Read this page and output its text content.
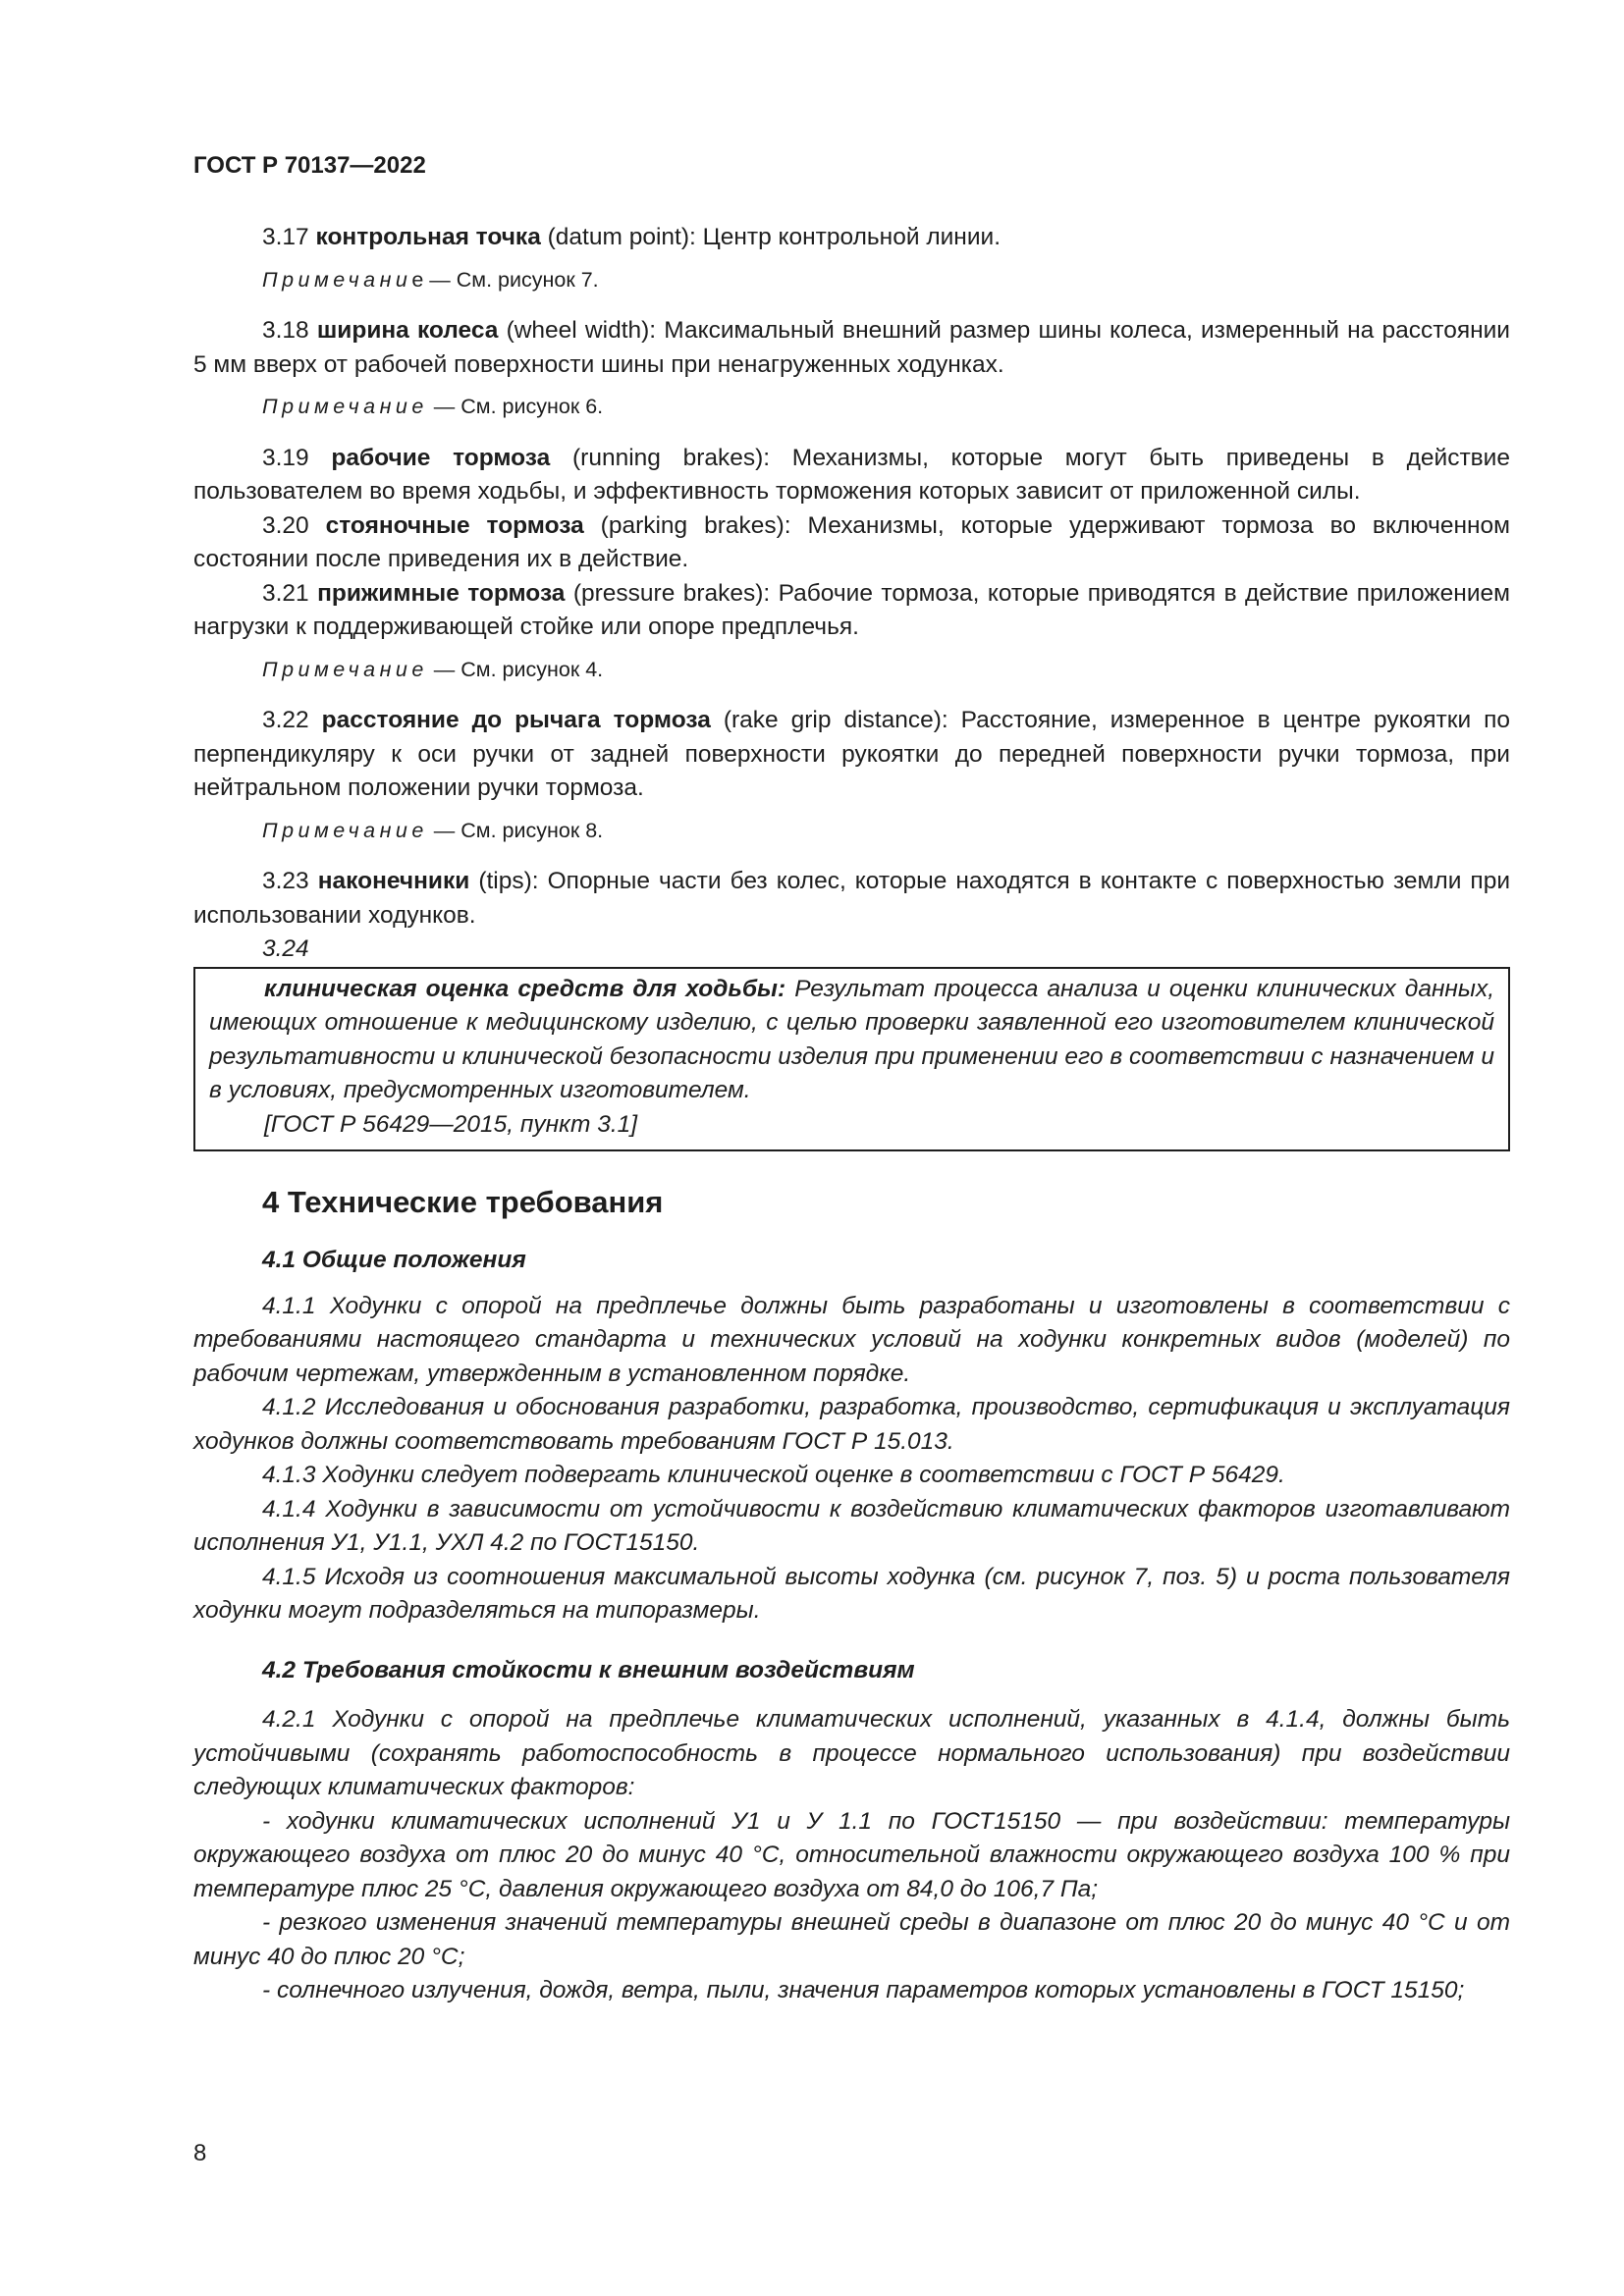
ГОСТ Р 70137—2022

3.17 контрольная точка (datum point): Центр контрольной линии.

Примечание — См. рисунок 7.

3.18 ширина колеса (wheel width): Максимальный внешний размер шины колеса, измеренный на расстоянии 5 мм вверх от рабочей поверхности шины при ненагруженных ходунках.

Примечание — См. рисунок 6.

3.19 рабочие тормоза (running brakes): Механизмы, которые могут быть приведены в действие пользователем во время ходьбы, и эффективность торможения которых зависит от приложенной силы.

3.20 стояночные тормоза (parking brakes): Механизмы, которые удерживают тормоза во включенном состоянии после приведения их в действие.

3.21 прижимные тормоза (pressure brakes): Рабочие тормоза, которые приводятся в действие приложением нагрузки к поддерживающей стойке или опоре предплечья.

Примечание — См. рисунок 4.

3.22 расстояние до рычага тормоза (rake grip distance): Расстояние, измеренное в центре рукоятки по перпендикуляру к оси ручки от задней поверхности рукоятки до передней поверхности ручки тормоза, при нейтральном положении ручки тормоза.

Примечание — См. рисунок 8.

3.23 наконечники (tips): Опорные части без колес, которые находятся в контакте с поверхностью земли при использовании ходунков.

3.24

клиническая оценка средств для ходьбы: Результат процесса анализа и оценки клинических данных, имеющих отношение к медицинскому изделию, с целью проверки заявленной его изготовителем клинической результативности и клинической безопасности изделия при применении его в соответствии с назначением и в условиях, предусмотренных изготовителем.

[ГОСТ Р 56429—2015, пункт 3.1]

4 Технические требования
4.1 Общие положения

4.1.1 Ходунки с опорой на предплечье должны быть разработаны и изготовлены в соответствии с требованиями настоящего стандарта и технических условий на ходунки конкретных видов (моделей) по рабочим чертежам, утвержденным в установленном порядке.

4.1.2 Исследования и обоснования разработки, разработка, производство, сертификация и эксплуатация ходунков должны соответствовать требованиям ГОСТ Р 15.013.

4.1.3 Ходунки следует подвергать клинической оценке в соответствии с ГОСТ Р 56429.

4.1.4 Ходунки в зависимости от устойчивости к воздействию климатических факторов изготавливают исполнения У1, У1.1, УХЛ 4.2 по ГОСТ15150.

4.1.5 Исходя из соотношения максимальной высоты ходунка (см. рисунок 7, поз. 5) и роста пользователя ходунки могут подразделяться на типоразмеры.

4.2 Требования стойкости к внешним воздействиям

4.2.1 Ходунки с опорой на предплечье климатических исполнений, указанных в 4.1.4, должны быть устойчивыми (сохранять работоспособность в процессе нормального использования) при воздействии следующих климатических факторов:

- ходунки климатических исполнений У1 и У 1.1 по ГОСТ15150 — при воздействии: температуры окружающего воздуха от плюс 20 до минус 40 °С, относительной влажности окружающего воздуха 100 % при температуре плюс 25 °С, давления окружающего воздуха от 84,0 до 106,7 Па;

- резкого изменения значений температуры внешней среды в диапазоне от плюс 20 до минус 40 °С и от минус 40 до плюс 20 °С;

- солнечного излучения, дождя, ветра, пыли, значения параметров которых установлены в ГОСТ 15150;

8
